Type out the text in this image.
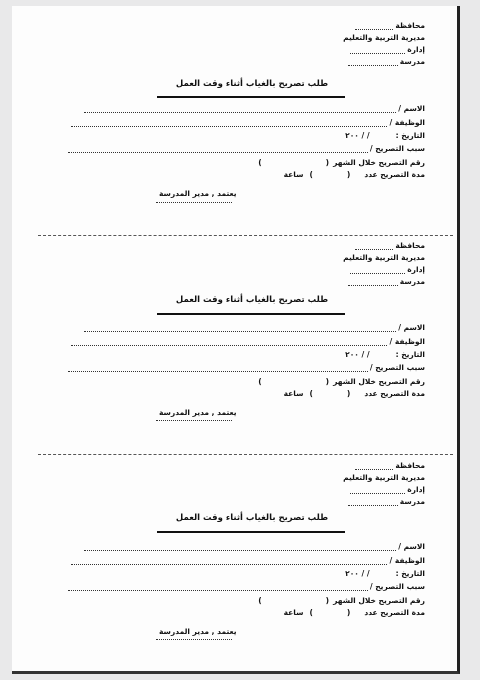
محافظة
مديرية التربية والتعليم
إدارة
مدرسة
طلب تصريح بالغياب أثناء وقت العمل
الاسم /
الوظيفة /
التاريخ :
/ / ٢٠٠
سبب التصريح /
رقم التصريح خلال الشهر
(
)
مدة التصريح عدد
(
)
ساعة
يعتمد , مدير المدرسة
محافظة
مديرية التربية والتعليم
إدارة
مدرسة
طلب تصريح بالغياب أثناء وقت العمل
الاسم /
الوظيفة /
التاريخ :
/ / ٢٠٠
سبب التصريح /
رقم التصريح خلال الشهر
(
)
مدة التصريح عدد
(
)
ساعة
يعتمد , مدير المدرسة
محافظة
مديرية التربية والتعليم
إدارة
مدرسة
طلب تصريح بالغياب أثناء وقت العمل
الاسم /
الوظيفة /
التاريخ :
/ / ٢٠٠
سبب التصريح /
رقم التصريح خلال الشهر
(
)
مدة التصريح عدد
(
)
ساعة
يعتمد , مدير المدرسة
